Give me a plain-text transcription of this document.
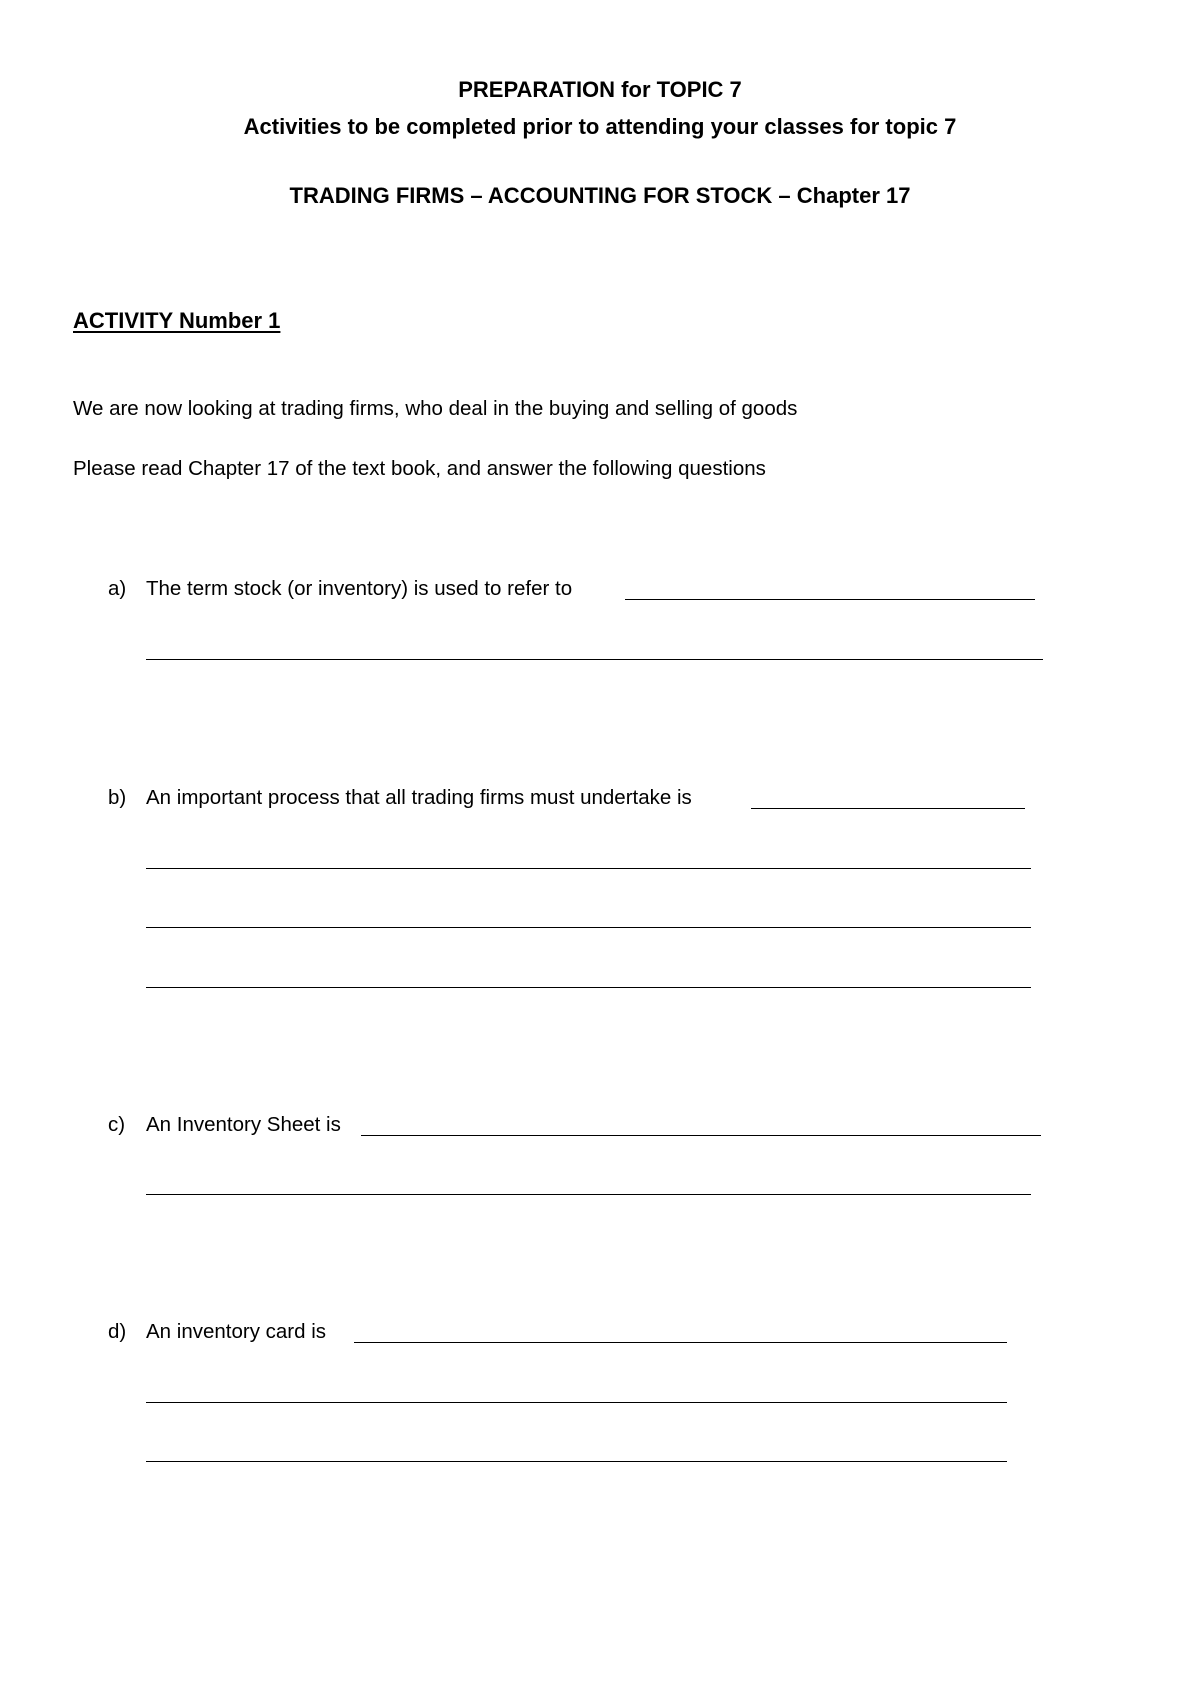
PREPARATION for TOPIC 7
Activities to be completed prior to attending your classes for topic 7
TRADING FIRMS – ACCOUNTING FOR STOCK – Chapter 17
ACTIVITY Number 1
We are now looking at trading firms, who deal in the buying and selling of goods
Please read Chapter 17 of the text book, and answer the following questions
a) The term stock (or inventory) is used to refer to
b) An important process that all trading firms must undertake is
c) An Inventory Sheet is
d) An inventory card is
